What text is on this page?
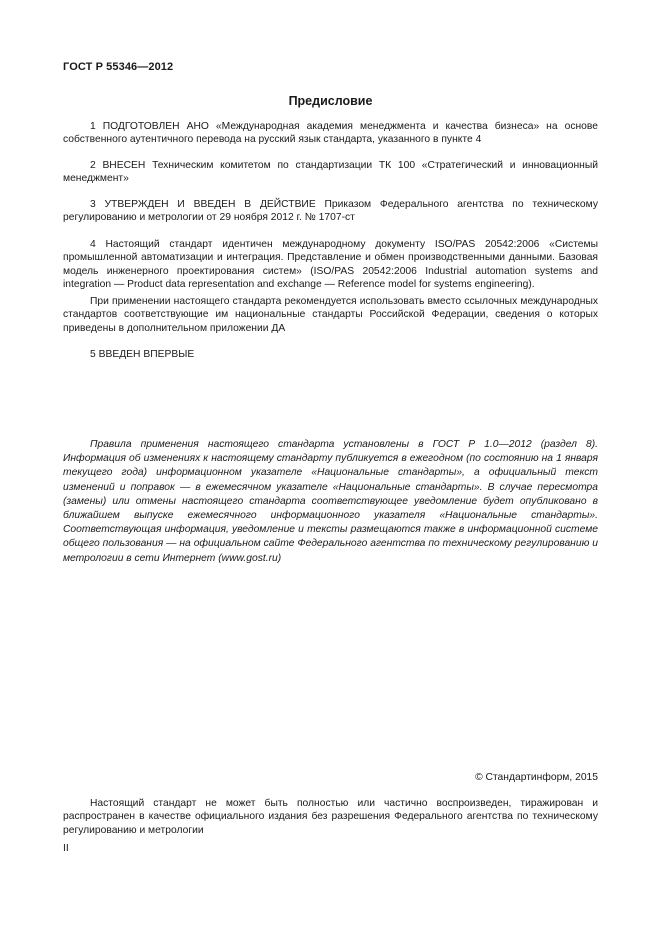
ГОСТ Р 55346—2012
Предисловие

1 ПОДГОТОВЛЕН АНО «Международная академия менеджмента и качества бизнеса» на основе собственного аутентичного перевода на русский язык стандарта, указанного в пункте 4

2 ВНЕСЕН Техническим комитетом по стандартизации ТК 100 «Стратегический и инновационный менеджмент»

3 УТВЕРЖДЕН И ВВЕДЕН В ДЕЙСТВИЕ Приказом Федерального агентства по техническому регулированию и метрологии от 29 ноября 2012 г. № 1707-ст

4 Настоящий стандарт идентичен международному документу ISO/PAS 20542:2006 «Системы промышленной автоматизации и интеграция. Представление и обмен производственными данными. Базовая модель инженерного проектирования систем» (ISO/PAS 20542:2006 Industrial automation systems and integration — Product data representation and exchange — Reference model for systems engineering).

При применении настоящего стандарта рекомендуется использовать вместо ссылочных международных стандартов соответствующие им национальные стандарты Российской Федерации, сведения о которых приведены в дополнительном приложении ДА

5 ВВЕДЕН ВПЕРВЫЕ

Правила применения настоящего стандарта установлены в ГОСТ Р 1.0—2012 (раздел 8). Информация об изменениях к настоящему стандарту публикуется в ежегодном (по состоянию на 1 января текущего года) информационном указателе «Национальные стандарты», а официальный текст изменений и поправок — в ежемесячном указателе «Национальные стандарты». В случае пересмотра (замены) или отмены настоящего стандарта соответствующее уведомление будет опубликовано в ближайшем выпуске ежемесячного информационного указателя «Национальные стандарты». Соответствующая информация, уведомление и тексты размещаются также в информационной системе общего пользования — на официальном сайте Федерального агентства по техническому регулированию и метрологии в сети Интернет (www.gost.ru)

Настоящий стандарт не может быть полностью или частично воспроизведен, тиражирован и распространен в качестве официального издания без разрешения Федерального агентства по техническому регулированию и метрологии

© Стандартинформ, 2015
II
